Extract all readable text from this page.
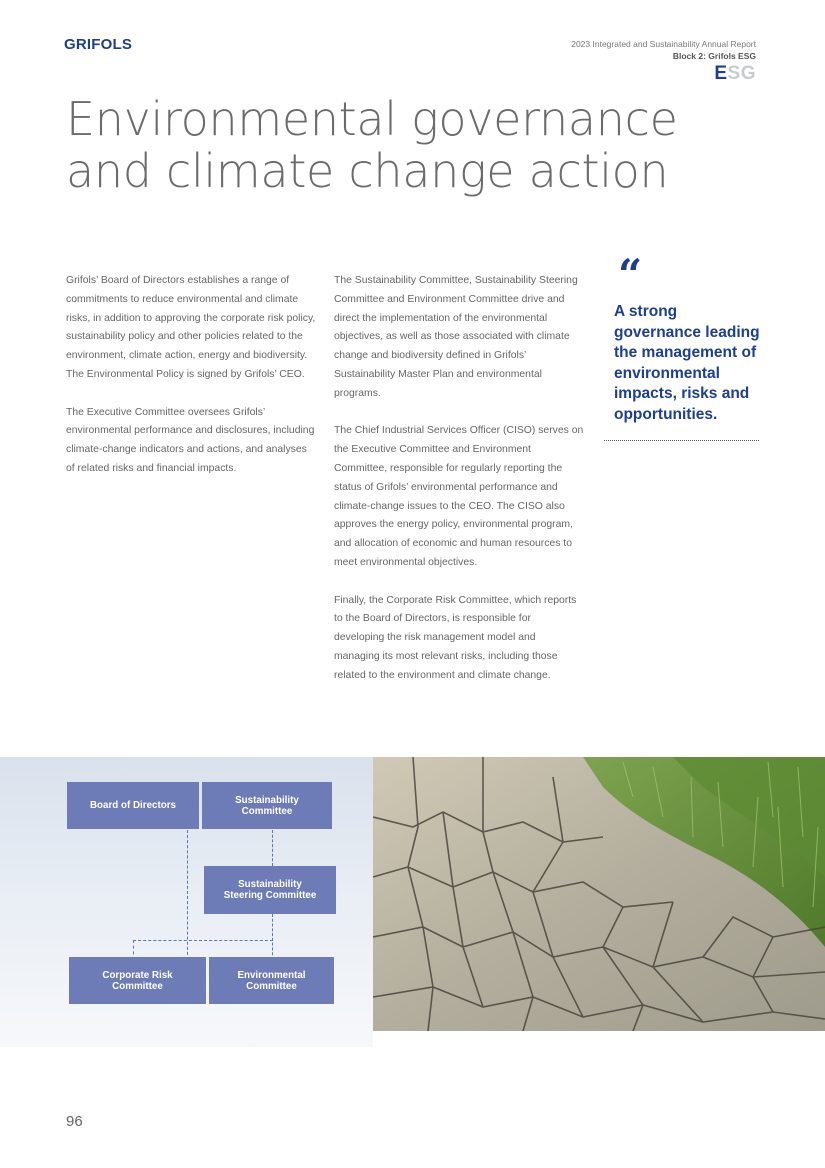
GRIFOLS	2023 Integrated and Sustainability Annual Report
Block 2: Grifols ESG
ESG
Environmental governance
and climate change action

Grifols’ Board of Directors establishes a range of commitments to reduce environmental and climate risks, in addition to approving the corporate risk policy, sustainability policy and other policies related to the environment, climate action, energy and biodiversity. The Environmental Policy is signed by Grifols’ CEO.

The Executive Committee oversees Grifols’ environmental performance and disclosures, including climate-change indicators and actions, and analyses of related risks and financial impacts.

The Sustainability Committee, Sustainability Steering Committee and Environment Committee drive and direct the implementation of the environmental objectives, as well as those associated with climate change and biodiversity defined in Grifols’ Sustainability Master Plan and environmental programs.

The Chief Industrial Services Officer (CISO) serves on the Executive Committee and Environment Committee, responsible for regularly reporting the status of Grifols’ environmental performance and climate-change issues to the CEO. The CISO also approves the energy policy, environmental program, and allocation of economic and human resources to meet environmental objectives.

Finally, the Corporate Risk Committee, which reports to the Board of Directors, is responsible for developing the risk management model and managing its most relevant risks, including those related to the environment and climate change.

“
A strong governance leading the management of environmental impacts, risks and opportunities.
Board of Directors	Sustainability
Committee
Sustainability
Steering Committee
Corporate Risk
Committee
Environmental
Committee
96
